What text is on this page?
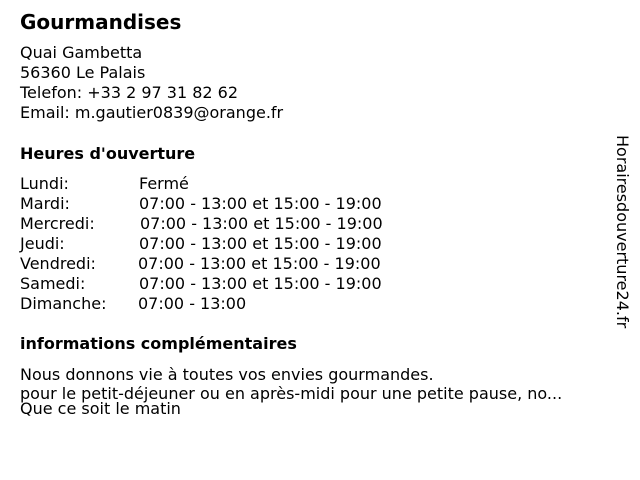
Gourmandises
Quai Gambetta
56360 Le Palais
Telefon: +33 2 97 31 82 62
Email: m.gautier0839@orange.fr
Heures d'ouverture
Lundi:	Fermé
Mardi:	07:00 - 13:00 et 15:00 - 19:00
Mercredi:	07:00 - 13:00 et 15:00 - 19:00
Jeudi:	07:00 - 13:00 et 15:00 - 19:00
Vendredi:	07:00 - 13:00 et 15:00 - 19:00
Samedi:	07:00 - 13:00 et 15:00 - 19:00
Dimanche: 07:00 - 13:00
informations complémentaires
Nous donnons vie à toutes vos envies gourmandes.
pour le petit-déjeuner ou en après-midi pour une petite pause, no...
Que ce soit le matin
Horairesdouverture24.fr
